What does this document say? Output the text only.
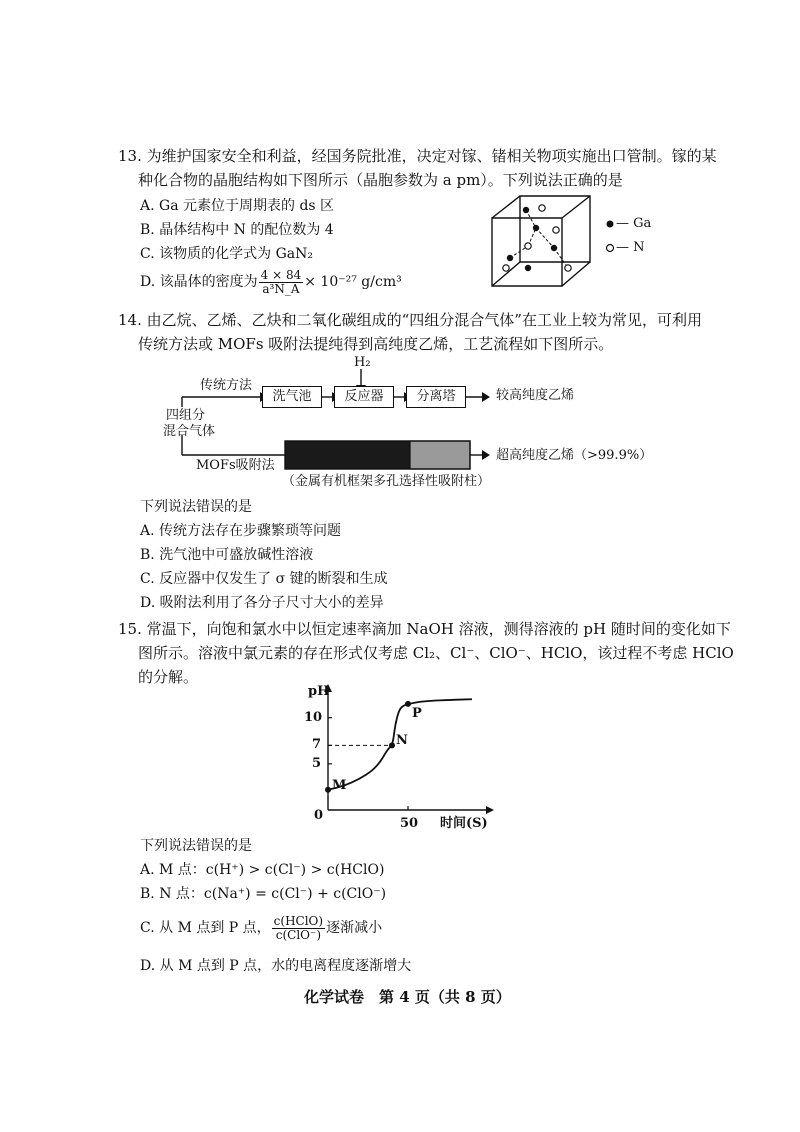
13. 为维护国家安全和利益，经国务院批准，决定对镓、锗相关物项实施出口管制。镓的某
种化合物的晶胞结构如下图所示（晶胞参数为 a pm）。下列说法正确的是
A. Ga 元素位于周期表的 ds 区
B. 晶体结构中 N 的配位数为 4
C. 该物质的化学式为 GaN₂
D. 该晶体的密度为 $\frac{4 \times 84}{\text{a³N\_A}} \times 10^{-27}$ g/cm³
— Ga
— N
14. 由乙烷、乙烯、乙炔和二氧化碳组成的“四组分混合气体”在工业上较为常见，可利用
传统方法或 MOFs 吸附法提纯得到高纯度乙烯，工艺流程如下图所示。
H₂
传统方法
洗气池	反应器	分离塔	较高纯度乙烯
四组分
混合气体
MOFs吸附法
超高纯度乙烯（>99.9%）
（金属有机框架多孔选择性吸附柱）
下列说法错误的是
A. 传统方法存在步骤繁琐等问题
B. 洗气池中可盛放碱性溶液
C. 反应器中仅发生了 σ 键的断裂和生成
D. 吸附法利用了各分子尺寸大小的差异
15. 常温下，向饱和氯水中以恒定速率滴加 NaOH 溶液，测得溶液的 pH 随时间的变化如下
图所示。溶液中氯元素的存在形式仅考虑 Cl₂、Cl⁻、ClO⁻、HClO，该过程不考虑 HClO
的分解。
pH
时间(S)
0
10
7
5
50
M
N
P
下列说法错误的是
A. M 点：c(H⁺) > c(Cl⁻) > c(HClO)
B. N 点：c(Na⁺) = c(Cl⁻) + c(ClO⁻)
C. 从 M 点到 P 点， $\frac{\text{c(HClO)}}{\text{c(ClO⁻)}}$ 逐渐减小
D. 从 M 点到 P 点，水的电离程度逐渐增大
化学试卷　第 4 页（共 8 页）
